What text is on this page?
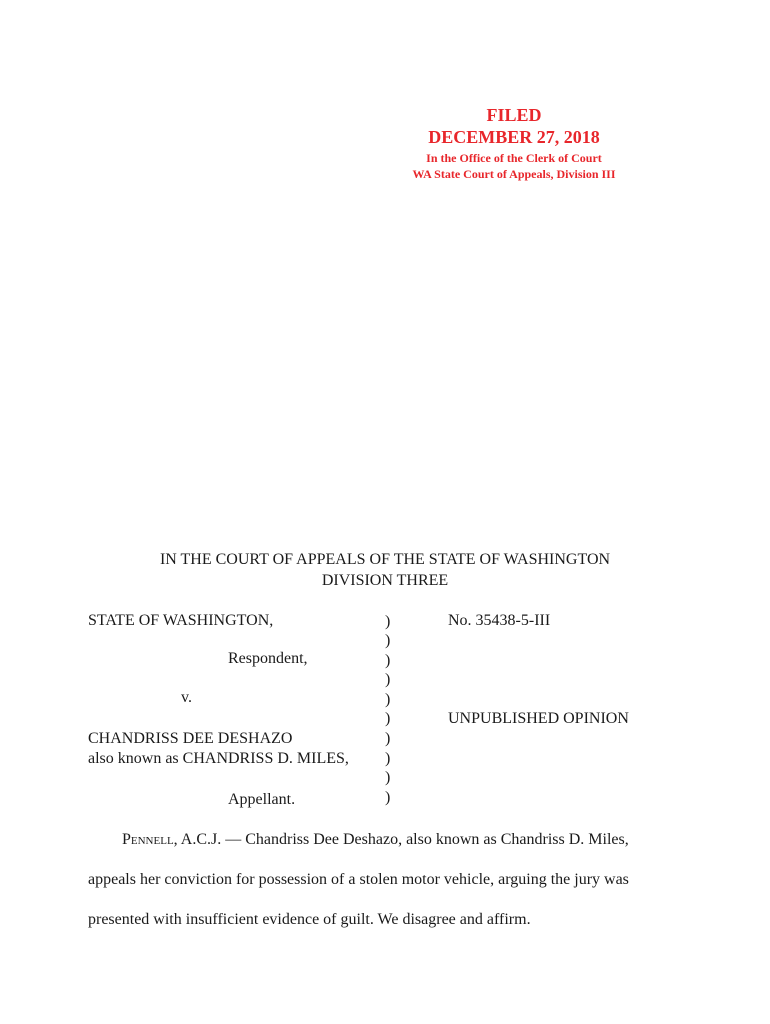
FILED
DECEMBER 27, 2018
In the Office of the Clerk of Court
WA State Court of Appeals, Division III
IN THE COURT OF APPEALS OF THE STATE OF WASHINGTON
DIVISION THREE
STATE OF WASHINGTON,
Respondent,
v.
CHANDRISS DEE DESHAZO
also known as CHANDRISS D. MILES,
Appellant.
)
)
)
)
)
)
)
)
)
)
No. 35438-5-III
UNPUBLISHED OPINION
Pennell, A.C.J. — Chandriss Dee Deshazo, also known as Chandriss D. Miles,
appeals her conviction for possession of a stolen motor vehicle, arguing the jury was
presented with insufficient evidence of guilt. We disagree and affirm.
